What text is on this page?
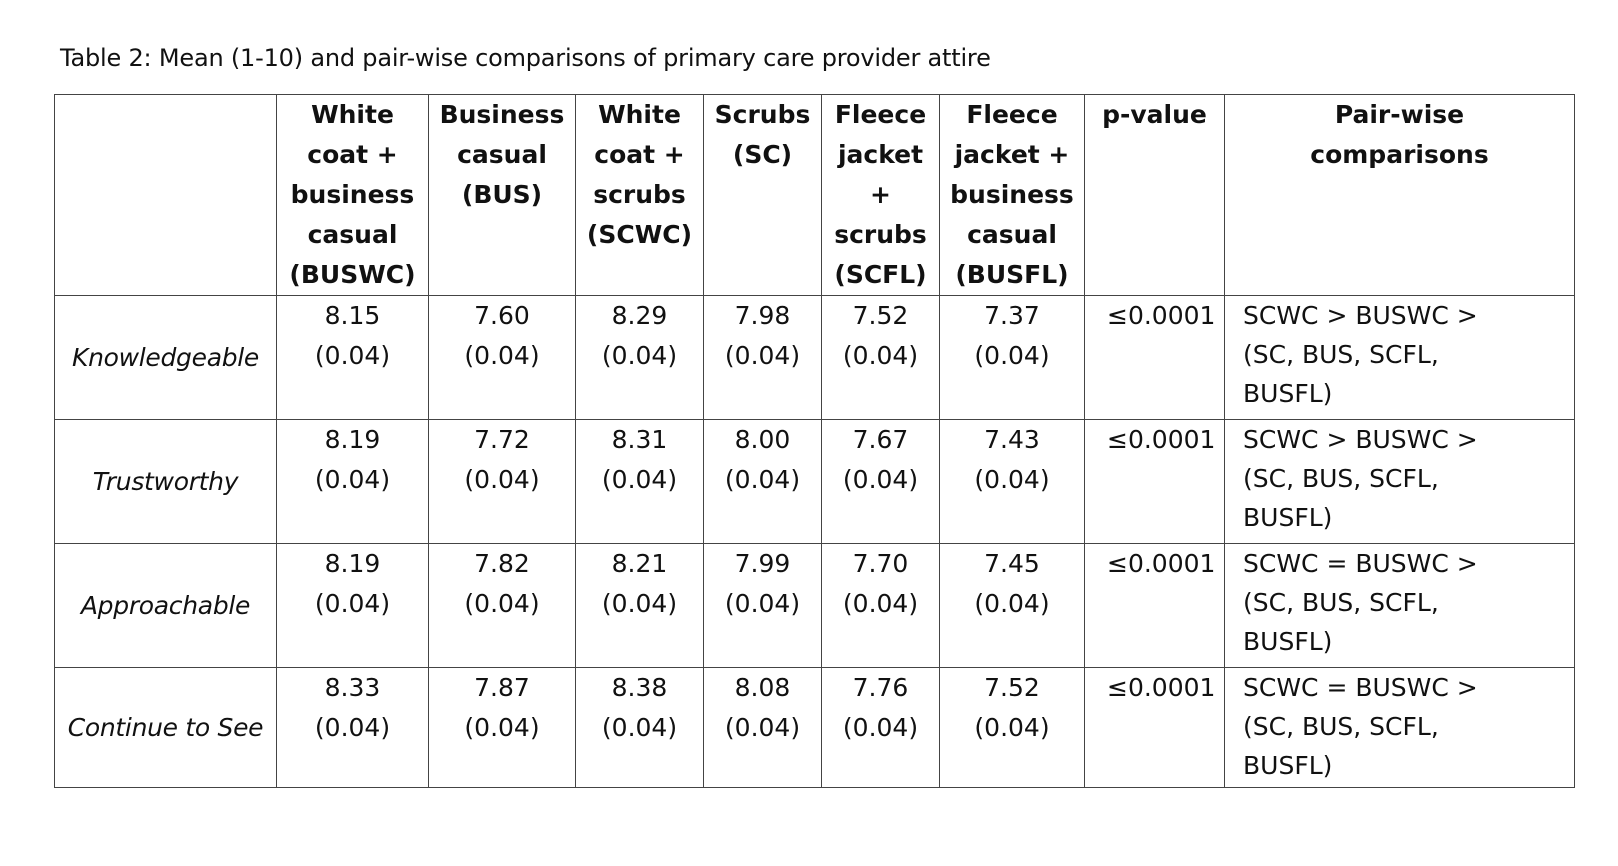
Table 2: Mean (1-10) and pair-wise comparisons of primary care provider attire

	White
coat +
business
casual
(BUSWC)	Business
casual
(BUS)	White
coat +
scrubs
(SCWC)	Scrubs
(SC)	Fleece
jacket
+
scrubs
(SCFL)	Fleece
jacket +
business
casual
(BUSFL)	p-value	Pair-wise
comparisons

Knowledgeable	8.15
(0.04)	7.60
(0.04)	8.29
(0.04)	7.98
(0.04)	7.52
(0.04)	7.37
(0.04)	≤0.0001	SCWC > BUSWC >
(SC, BUS, SCFL,
BUSFL)

Trustworthy	8.19
(0.04)	7.72
(0.04)	8.31
(0.04)	8.00
(0.04)	7.67
(0.04)	7.43
(0.04)	≤0.0001	SCWC > BUSWC >
(SC, BUS, SCFL,
BUSFL)

Approachable	8.19
(0.04)	7.82
(0.04)	8.21
(0.04)	7.99
(0.04)	7.70
(0.04)	7.45
(0.04)	≤0.0001	SCWC = BUSWC >
(SC, BUS, SCFL,
BUSFL)

Continue to See	8.33
(0.04)	7.87
(0.04)	8.38
(0.04)	8.08
(0.04)	7.76
(0.04)	7.52
(0.04)	≤0.0001	SCWC = BUSWC >
(SC, BUS, SCFL,
BUSFL)
